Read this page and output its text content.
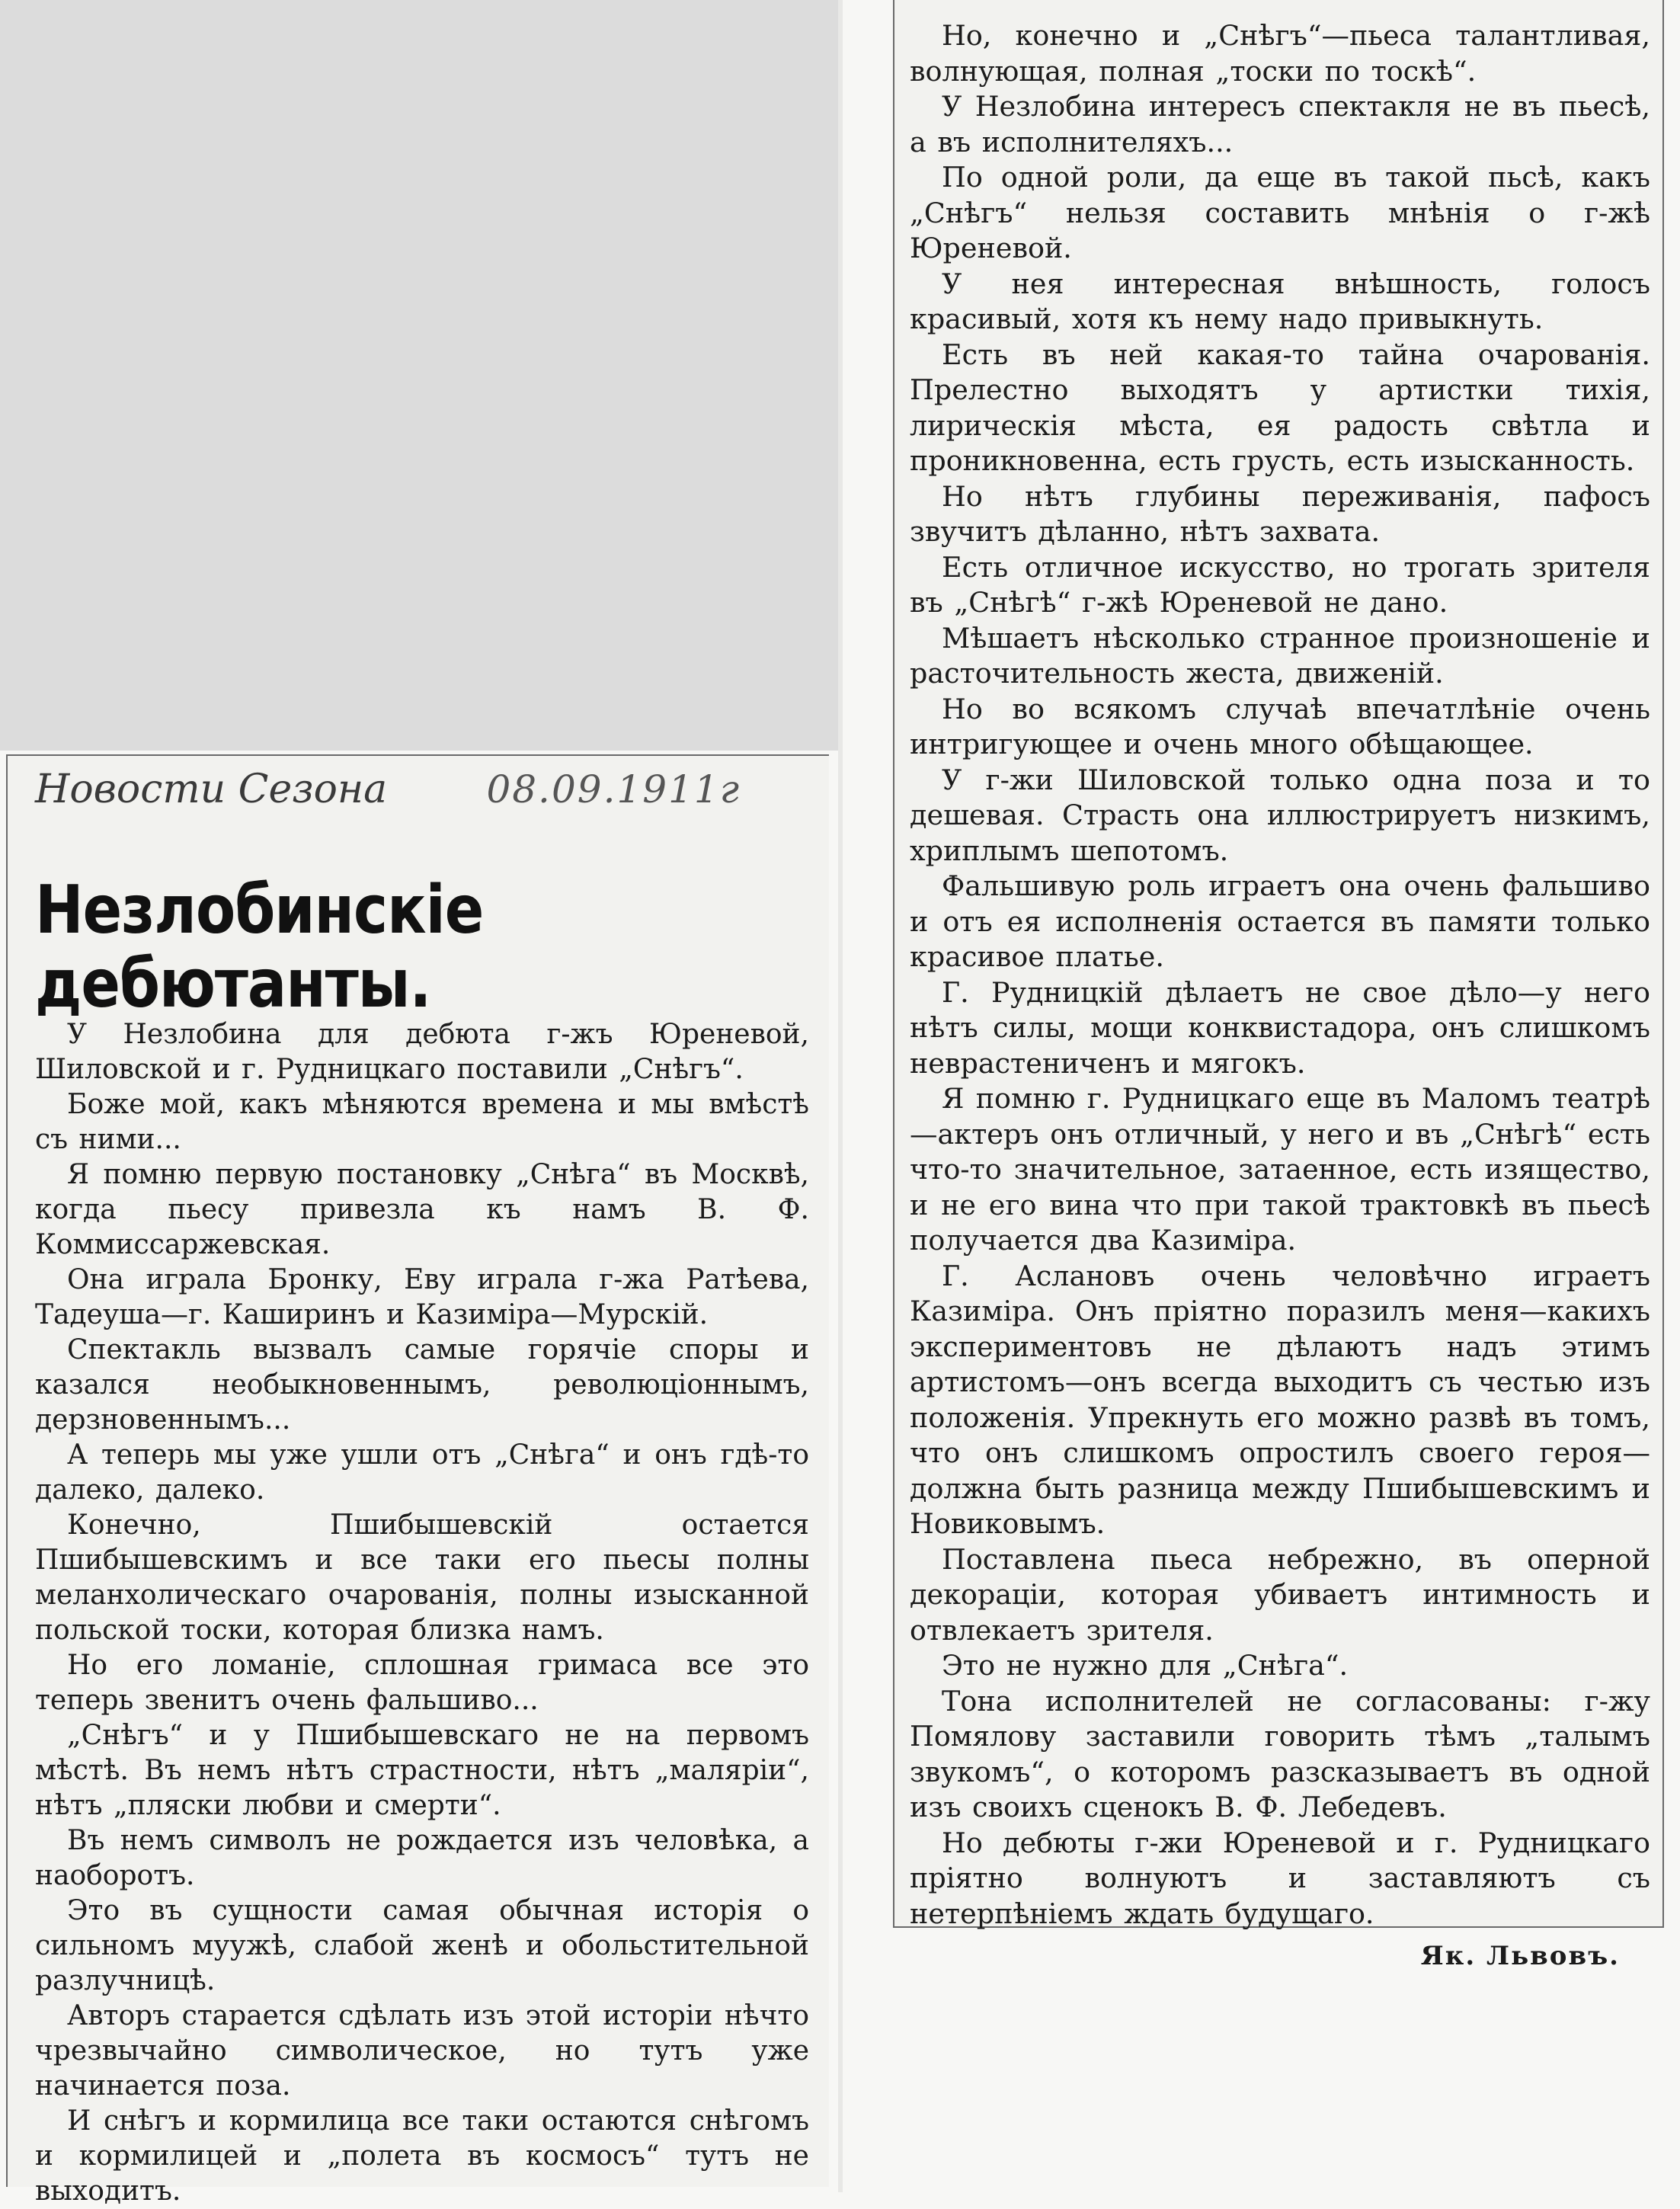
Новости Сезона	08.09.1911г
Незлобинскіе дебютанты.
У Незлобина для дебюта г-жъ Юреневой, Шиловской и г. Рудницкаго поставили „Снѣгъ“.
Боже мой, какъ мѣняются времена и мы вмѣстѣ съ ними...
Я помню первую постановку „Снѣга“ въ Москвѣ, когда пьесу привезла къ намъ В. Ф. Коммиссаржевская.
Она играла Бронку, Еву играла г-жа Ратѣева, Тадеуша—г. Каширинъ и Казиміра—Мурскій.
Спектакль вызвалъ самые горячіе споры и казался необыкновеннымъ, революціоннымъ, дерзновеннымъ...
А теперь мы уже ушли отъ „Снѣга“ и онъ гдѣ-то далеко, далеко.
Конечно, Пшибышевскій остается Пшибышевскимъ и все таки его пьесы полны меланхолическаго очарованія, полны изысканной польской тоски, которая близка намъ.
Но его ломаніе, сплошная гримаса все это теперь звенитъ очень фальшиво...
„Снѣгъ“ и у Пшибышевскаго не на первомъ мѣстѣ. Въ немъ нѣтъ страстности, нѣтъ „маляріи“, нѣтъ „пляски любви и смерти“.
Въ немъ символъ не рождается изъ человѣка, а наоборотъ.
Это въ сущности самая обычная исторія о сильномъ муужѣ, слабой женѣ и обольстительной разлучницѣ.
Авторъ старается сдѣлать изъ этой исторіи нѣчто чрезвычайно символическое, но тутъ уже начинается поза.
И снѣгъ и кормилица все таки остаются снѣгомъ и кормилицей и „полета въ космосъ“ тутъ не выходитъ.
Но, конечно и „Снѣгъ“—пьеса талантливая, волнующая, полная „тоски по тоскѣ“.
У Незлобина интересъ спектакля не въ пьесѣ, а въ исполнителяхъ...
По одной роли, да еще въ такой пьсѣ, какъ „Снѣгъ“ нельзя составить мнѣнія о г-жѣ Юреневой.
У нея интересная внѣшность, голосъ красивый, хотя къ нему надо привыкнуть.
Есть въ ней какая-то тайна очарованія. Прелестно выходятъ у артистки тихія, лирическія мѣста, ея радость свѣтла и проникновенна, есть грусть, есть изысканность.
Но нѣтъ глубины переживанія, пафосъ звучитъ дѣланно, нѣтъ захвата.
Есть отличное искусство, но трогать зрителя въ „Снѣгѣ“ г-жѣ Юреневой не дано.
Мѣшаетъ нѣсколько странное произношеніе и расточительность жеста, движеній.
Но во всякомъ случаѣ впечатлѣніе очень интригующее и очень много обѣщающее.
У г-жи Шиловской только одна поза и то дешевая. Страсть она иллюстрируетъ низкимъ, хриплымъ шепотомъ.
Фальшивую роль играетъ она очень фальшиво и отъ ея исполненія остается въ памяти только красивое платье.
Г. Рудницкій дѣлаетъ не свое дѣло—у него нѣтъ силы, мощи конквистадора, онъ слишкомъ неврастениченъ и мягокъ.
Я помню г. Рудницкаго еще въ Маломъ театрѣ—актеръ онъ отличный, у него и въ „Снѣгѣ“ есть что-то значительное, затаенное, есть изящество, и не его вина что при такой трактовкѣ въ пьесѣ получается два Казиміра.
Г. Аслановъ очень человѣчно играетъ Казиміра. Онъ пріятно поразилъ меня—какихъ экспериментовъ не дѣлаютъ надъ этимъ артистомъ—онъ всегда выходитъ съ честью изъ положенія. Упрекнуть его можно развѣ въ томъ, что онъ слишкомъ опростилъ своего героя—должна быть разница между Пшибышевскимъ и Новиковымъ.
Поставлена пьеса небрежно, въ оперной декораціи, которая убиваетъ интимность и отвлекаетъ зрителя.
Это не нужно для „Снѣга“.
Тона исполнителей не согласованы: г-жу Помялову заставили говорить тѣмъ „талымъ звукомъ“, о которомъ разсказываетъ въ одной изъ своихъ сценокъ В. Ф. Лебедевъ.
Но дебюты г-жи Юреневой и г. Рудницкаго пріятно волнуютъ и заставляютъ съ нетерпѣніемъ ждать будущаго.
Як. Львовъ.
